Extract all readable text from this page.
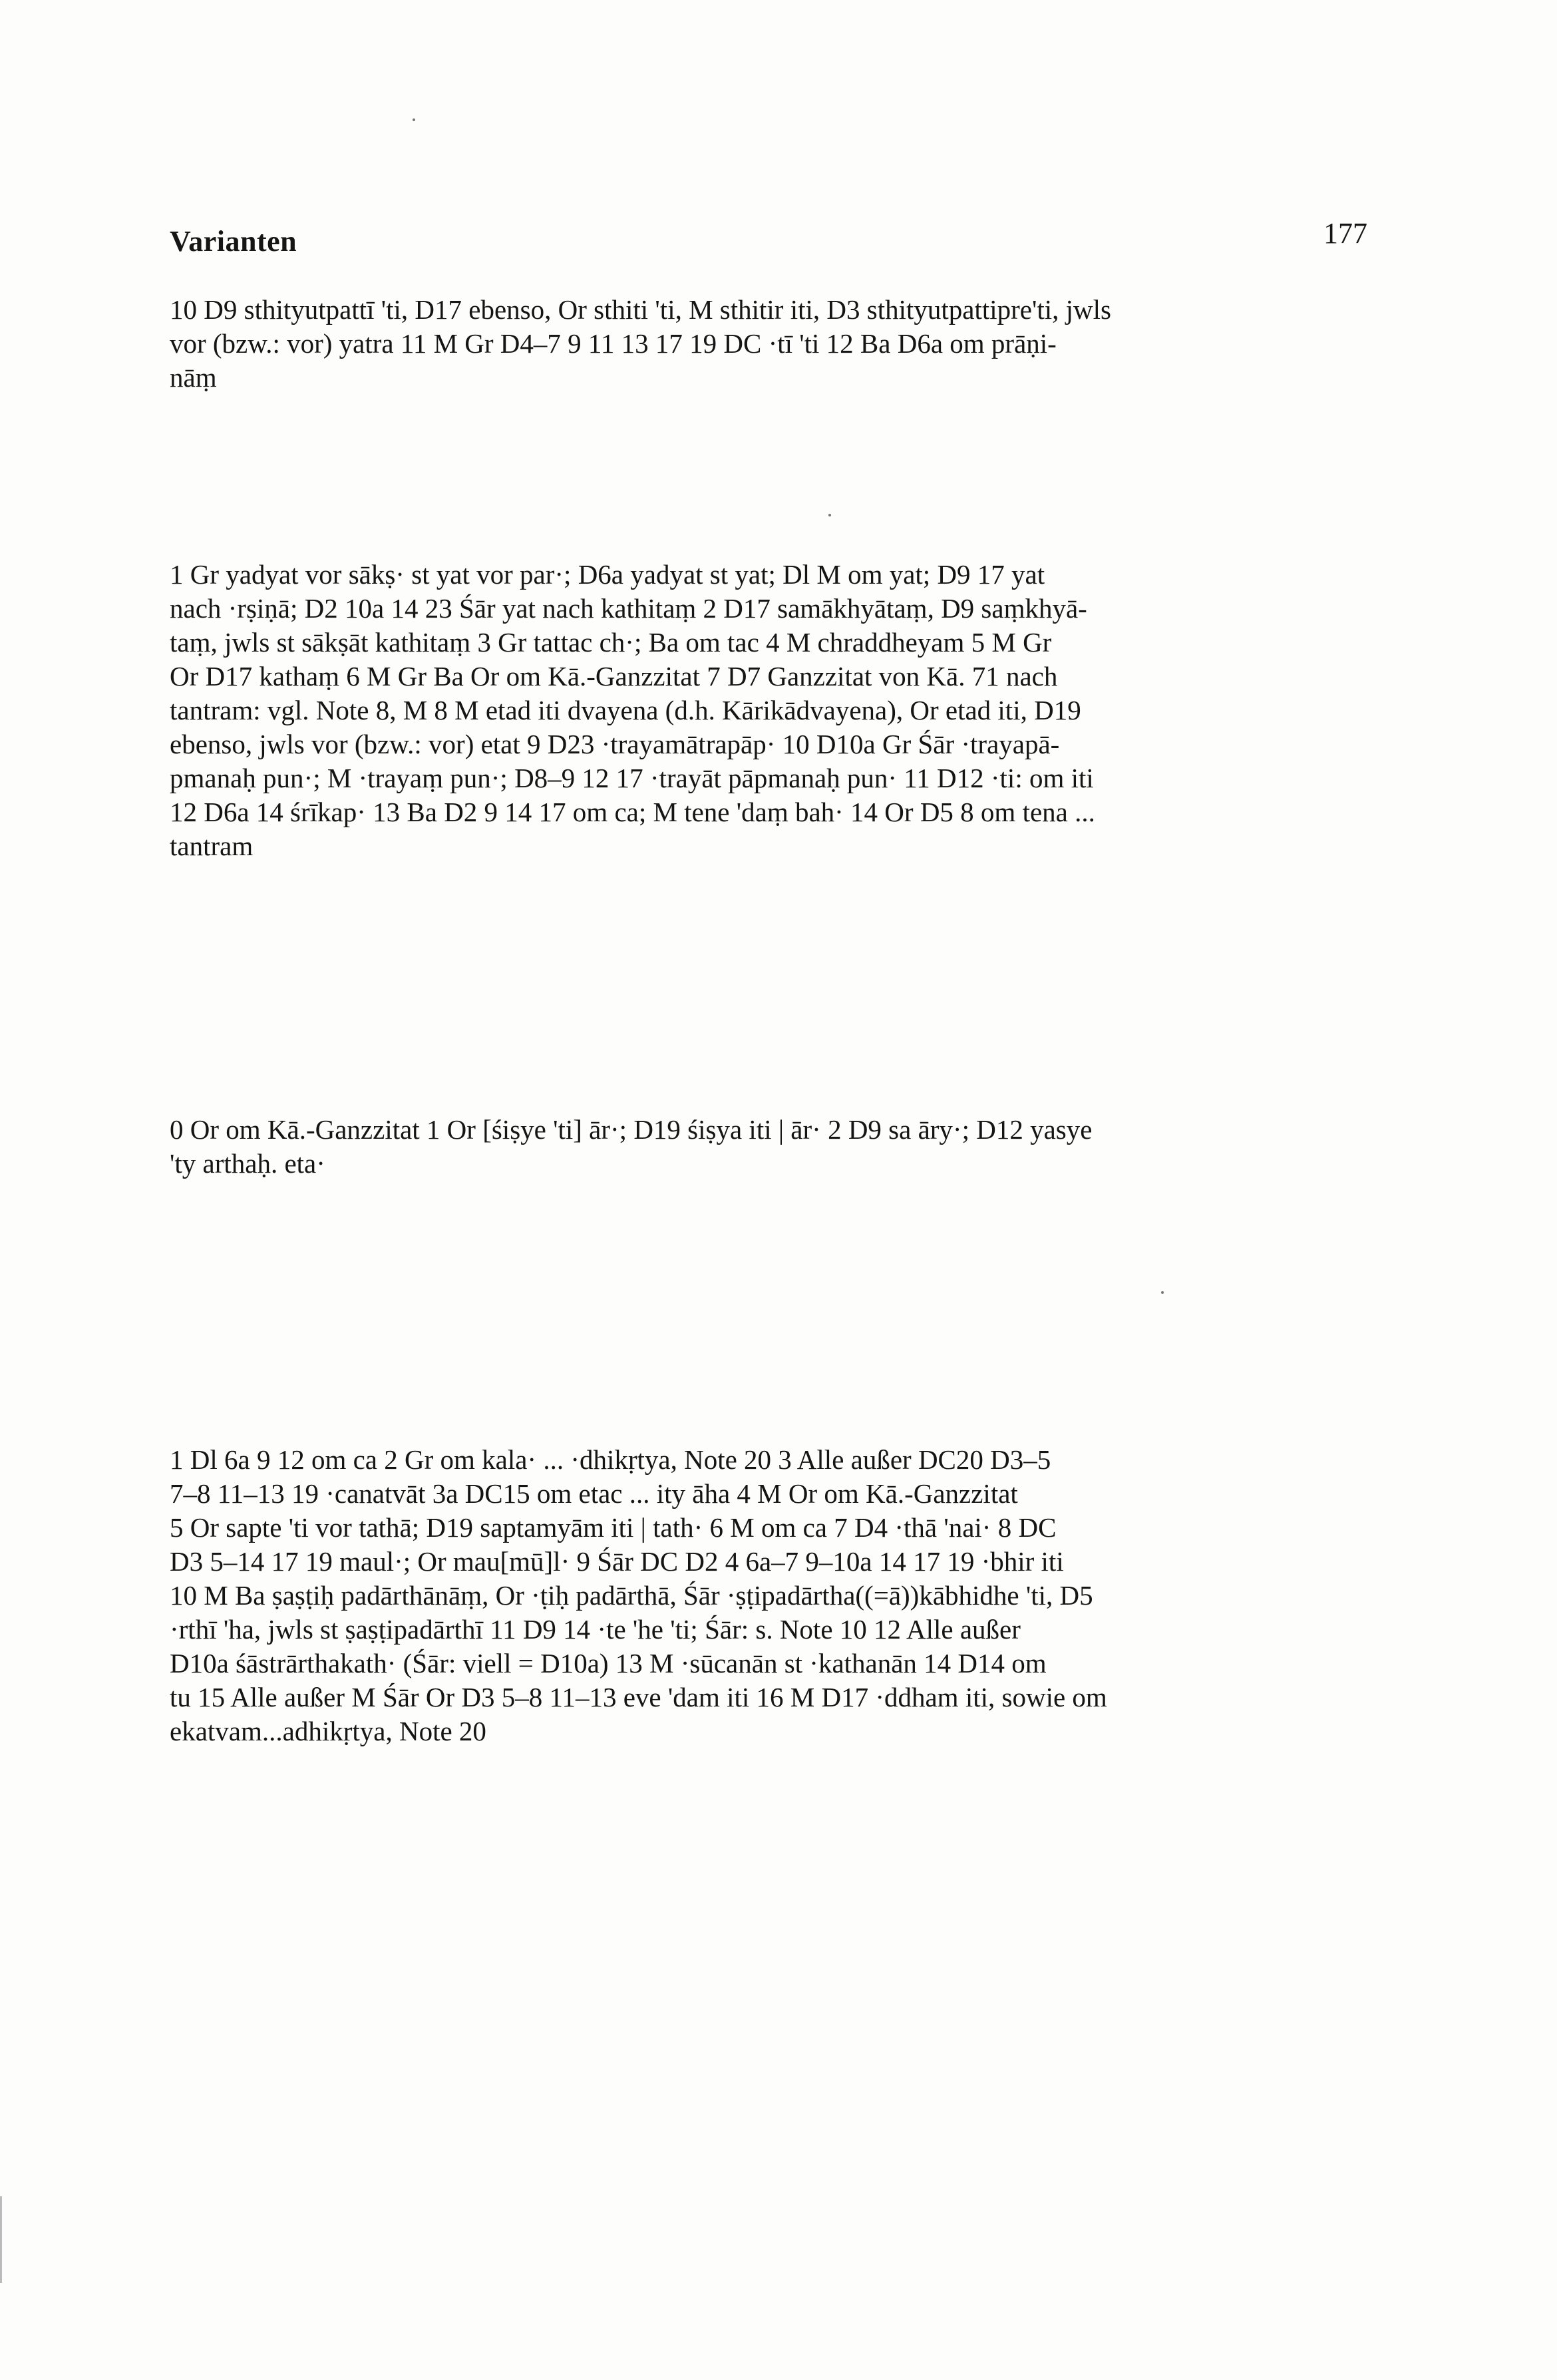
Varianten	177
10 D9 sthityutpattī 'ti, D17 ebenso, Or sthiti 'ti, M sthitir iti, D3 sthityutpattipre'ti, jwls
vor (bzw.: vor) yatra 11 M Gr D4–7 9 11 13 17 19 DC ·tī 'ti 12 Ba D6a om prāṇi-
nāṃ
1 Gr yadyat vor sākṣ· st yat vor par·; D6a yadyat st yat; Dl M om yat; D9 17 yat
nach ·rṣiṇā; D2 10a 14 23 Śār yat nach kathitaṃ 2 D17 samākhyātaṃ, D9 saṃkhyā-
taṃ, jwls st sākṣāt kathitaṃ 3 Gr tattac ch·; Ba om tac 4 M chraddheyam 5 M Gr
Or D17 kathaṃ 6 M Gr Ba Or om Kā.-Ganzzitat 7 D7 Ganzzitat von Kā. 71 nach
tantram: vgl. Note 8, M 8 M etad iti dvayena (d.h. Kārikādvayena), Or etad iti, D19
ebenso, jwls vor (bzw.: vor) etat 9 D23 ·trayamātrapāp· 10 D10a Gr Śār ·trayapā-
pmanaḥ pun·; M ·trayaṃ pun·; D8–9 12 17 ·trayāt pāpmanaḥ pun· 11 D12 ·ti: om iti
12 D6a 14 śrīkap· 13 Ba D2 9 14 17 om ca; M tene 'daṃ bah· 14 Or D5 8 om tena ...
tantram
0 Or om Kā.-Ganzzitat 1 Or [śiṣye 'ti] ār·; D19 śiṣya iti | ār· 2 D9 sa āry·; D12 yasye
'ty arthaḥ. eta·
1 Dl 6a 9 12 om ca 2 Gr om kala· ... ·dhikṛtya, Note 20 3 Alle außer DC20 D3–5
7–8 11–13 19 ·canatvāt 3a DC15 om etac ... ity āha 4 M Or om Kā.-Ganzzitat
5 Or sapte 'ti vor tathā; D19 saptamyām iti | tath· 6 M om ca 7 D4 ·thā 'nai· 8 DC
D3 5–14 17 19 maul·; Or mau[mū]l· 9 Śār DC D2 4 6a–7 9–10a 14 17 19 ·bhir iti
10 M Ba ṣaṣṭiḥ padārthānāṃ, Or ·ṭiḥ padārthā, Śār ·ṣṭipadārtha((=ā))kābhidhe 'ti, D5
·rthī 'ha, jwls st ṣaṣṭipadārthī 11 D9 14 ·te 'he 'ti; Śār: s. Note 10 12 Alle außer
D10a śāstrārthakath· (Śār: viell = D10a) 13 M ·sūcanān st ·kathanān 14 D14 om
tu 15 Alle außer M Śār Or D3 5–8 11–13 eve 'dam iti 16 M D17 ·ddham iti, sowie om
ekatvam...adhikṛtya, Note 20
